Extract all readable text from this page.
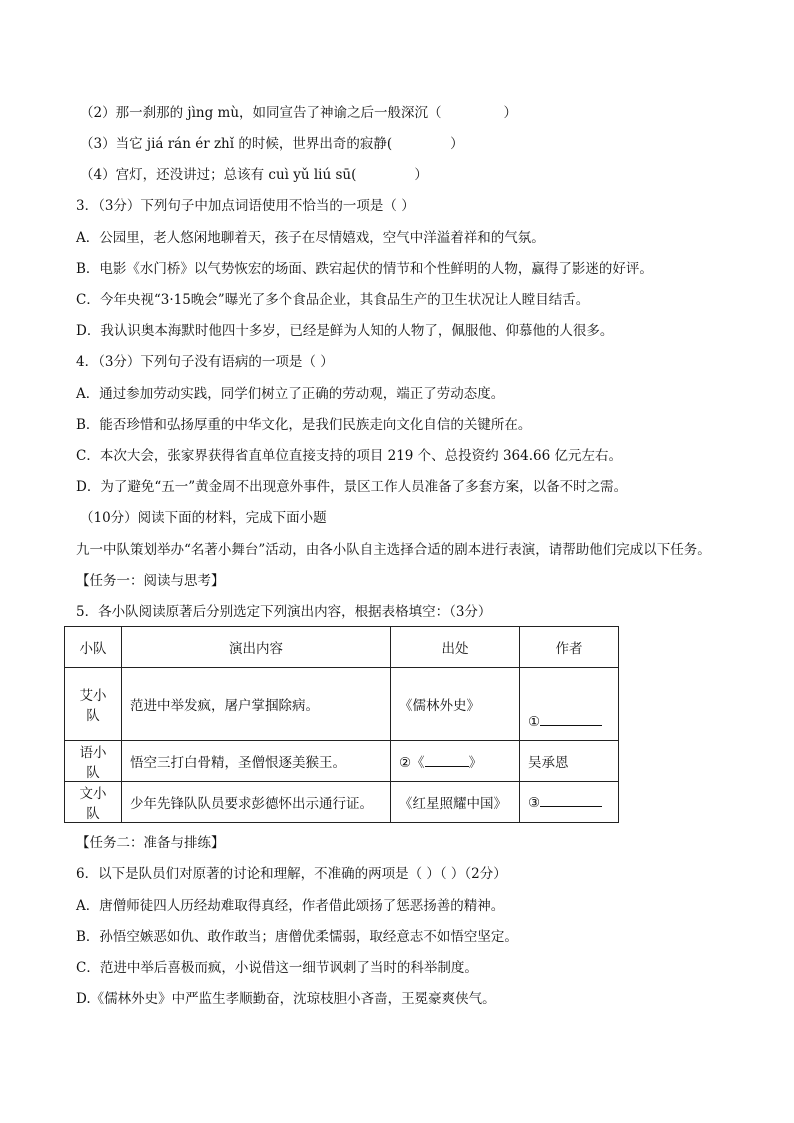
（2）那一刹那的 jìng mù，如同宣告了神谕之后一般深沉（	）
（3）当它 jiá rán ér zhǐ 的时候，世界出奇的寂静(	）
（4）宫灯，还没讲过；总该有 cuì yǔ liú sū(	）
3．（3分）下列句子中加点词语使用不恰当的一项是（ ）
A．公园里，老人悠闲地聊着天，孩子在尽情嬉戏，空气中洋溢着祥和的气氛。
B．电影《水门桥》以气势恢宏的场面、跌宕起伏的情节和个性鲜明的人物，赢得了影迷的好评。
C．今年央视“3·15晚会”曝光了多个食品企业，其食品生产的卫生状况让人瞠目结舌。
D．我认识奥本海默时他四十多岁，已经是鲜为人知的人物了，佩服他、仰慕他的人很多。
4．（3分）下列句子没有语病的一项是（ ）
A．通过参加劳动实践，同学们树立了正确的劳动观，端正了劳动态度。
B．能否珍惜和弘扬厚重的中华文化，是我们民族走向文化自信的关键所在。
C．本次大会，张家界获得省直单位直接支持的项目 219 个、总投资约 364.66 亿元左右。
D．为了避免“五一”黄金周不出现意外事件，景区工作人员准备了多套方案，以备不时之需。
（10分）阅读下面的材料，完成下面小题
九一中队策划举办“名著小舞台”活动，由各小队自主选择合适的剧本进行表演，请帮助他们完成以下任务。
【任务一：阅读与思考】
5．各小队阅读原著后分别选定下列演出内容，根据表格填空：（3分）
小队	演出内容	出处	作者
艾小队	范进中举发疯，屠户掌掴除病。	《儒林外史》	①
语小队	悟空三打白骨精，圣僧恨逐美猴王。	②《 》	吴承恩
文小队	少年先锋队队员要求彭德怀出示通行证。	《红星照耀中国》	③
【任务二：准备与排练】
6．以下是队员们对原著的讨论和理解，不准确的两项是（ ）（ ）（2分）
A．唐僧师徒四人历经劫难取得真经，作者借此颂扬了惩恶扬善的精神。
B．孙悟空嫉恶如仇、敢作敢当；唐僧优柔懦弱，取经意志不如悟空坚定。
C．范进中举后喜极而疯，小说借这一细节讽刺了当时的科举制度。
D.《儒林外史》中严监生孝顺勤奋，沈琼枝胆小吝啬，王冕豪爽侠气。
